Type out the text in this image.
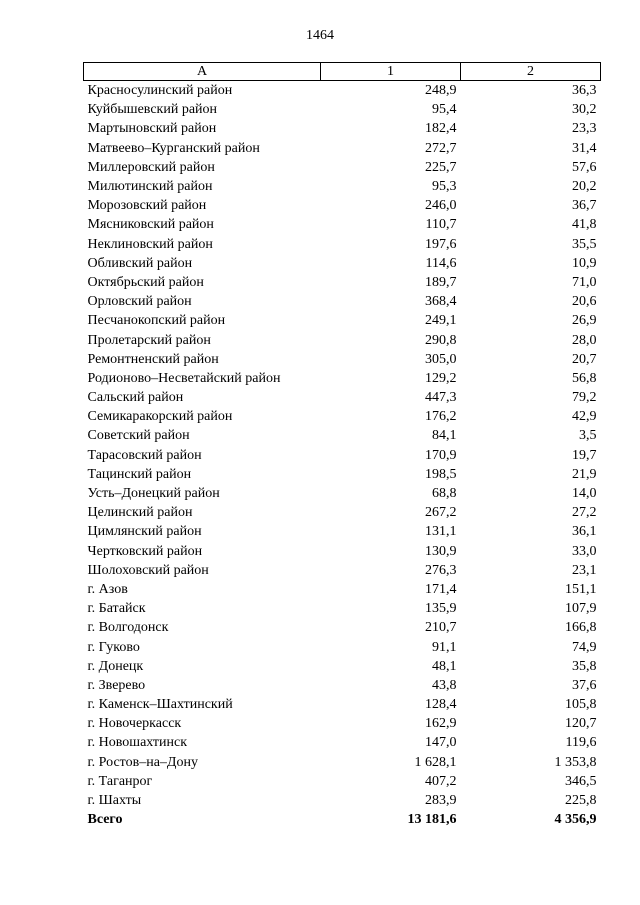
1464
A	1	2
Красносулинский район	248,9	36,3
Куйбышевский район	95,4	30,2
Мартыновский район	182,4	23,3
Матвеево–Курганский район	272,7	31,4
Миллеровский район	225,7	57,6
Милютинский район	95,3	20,2
Морозовский район	246,0	36,7
Мясниковский район	110,7	41,8
Неклиновский район	197,6	35,5
Обливский район	114,6	10,9
Октябрьский район	189,7	71,0
Орловский район	368,4	20,6
Песчанокопский район	249,1	26,9
Пролетарский район	290,8	28,0
Ремонтненский район	305,0	20,7
Родионово–Несветайский район	129,2	56,8
Сальский район	447,3	79,2
Семикаракорский район	176,2	42,9
Советский район	84,1	3,5
Тарасовский район	170,9	19,7
Тацинский район	198,5	21,9
Усть–Донецкий район	68,8	14,0
Целинский район	267,2	27,2
Цимлянский район	131,1	36,1
Чертковский район	130,9	33,0
Шолоховский район	276,3	23,1
г. Азов	171,4	151,1
г. Батайск	135,9	107,9
г. Волгодонск	210,7	166,8
г. Гуково	91,1	74,9
г. Донецк	48,1	35,8
г. Зверево	43,8	37,6
г. Каменск–Шахтинский	128,4	105,8
г. Новочеркасск	162,9	120,7
г. Новошахтинск	147,0	119,6
г. Ростов–на–Дону	1 628,1	1 353,8
г. Таганрог	407,2	346,5
г. Шахты	283,9	225,8
Всего	13 181,6	4 356,9
